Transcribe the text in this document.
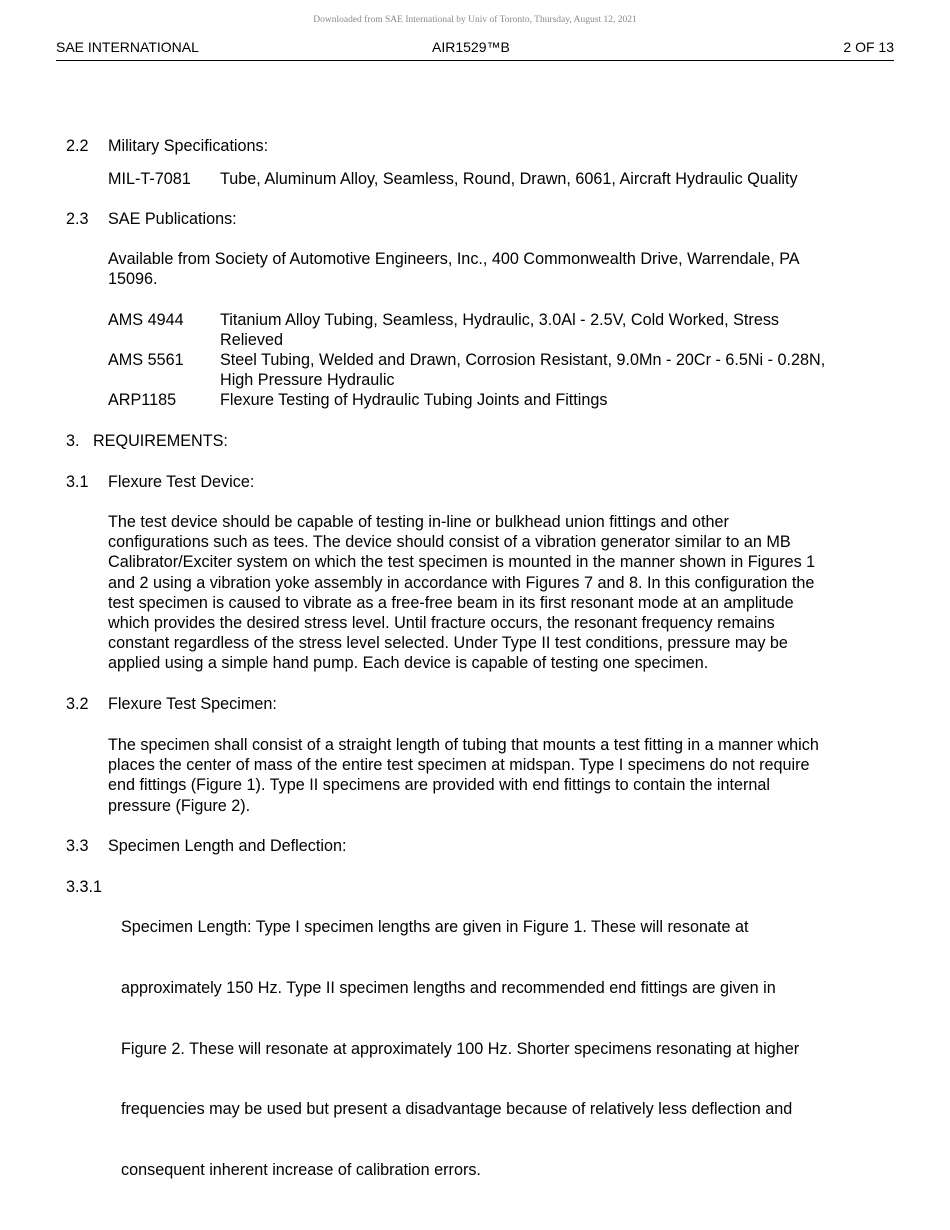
Downloaded from SAE International by Univ of Toronto, Thursday, August 12, 2021
SAE INTERNATIONAL	AIR1529™B	2 OF 13
2.2 Military Specifications:
MIL-T-7081 Tube, Aluminum Alloy, Seamless, Round, Drawn, 6061, Aircraft Hydraulic Quality
2.3 SAE Publications:
Available from Society of Automotive Engineers, Inc., 400 Commonwealth Drive, Warrendale, PA
15096.
AMS 4944 Titanium Alloy Tubing, Seamless, Hydraulic, 3.0Al - 2.5V, Cold Worked, Stress
Relieved
AMS 5561 Steel Tubing, Welded and Drawn, Corrosion Resistant, 9.0Mn - 20Cr - 6.5Ni - 0.28N,
High Pressure Hydraulic
ARP1185	Flexure Testing of Hydraulic Tubing Joints and Fittings
3.   REQUIREMENTS:
3.1 Flexure Test Device:
The test device should be capable of testing in-line or bulkhead union fittings and other
configurations such as tees. The device should consist of a vibration generator similar to an MB
Calibrator/Exciter system on which the test specimen is mounted in the manner shown in Figures 1
and 2 using a vibration yoke assembly in accordance with Figures 7 and 8. In this configuration the
test specimen is caused to vibrate as a free-free beam in its first resonant mode at an amplitude
which provides the desired stress level. Until fracture occurs, the resonant frequency remains
constant regardless of the stress level selected. Under Type II test conditions, pressure may be
applied using a simple hand pump. Each device is capable of testing one specimen.
3.2 Flexure Test Specimen:
The specimen shall consist of a straight length of tubing that mounts a test fitting in a manner which
places the center of mass of the entire test specimen at midspan. Type I specimens do not require
end fittings (Figure 1). Type II specimens are provided with end fittings to contain the internal
pressure (Figure 2).
3.3 Specimen Length and Deflection:
3.3.1

Specimen Length: Type I specimen lengths are given in Figure 1. These will resonate at

approximately 150 Hz. Type II specimen lengths and recommended end fittings are given in

Figure 2. These will resonate at approximately 100 Hz. Shorter specimens resonating at higher

frequencies may be used but present a disadvantage because of relatively less deflection and

consequent inherent increase of calibration errors.
